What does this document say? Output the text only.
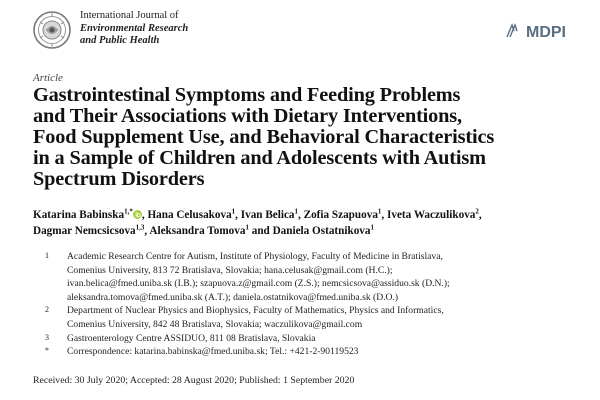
International Journal of
Environmental Research
and Public Health	MDPI
Article
Gastrointestinal Symptoms and Feeding Problems
and Their Associations with Dietary Interventions,
Food Supplement Use, and Behavioral Characteristics
in a Sample of Children and Adolescents with Autism
Spectrum Disorders
Katarina Babinska$^{1,*}$ , Hana Celusakova$^1$, Ivan Belica$^1$, Zofia Szapuova$^1$, Iveta Waczulikova$^2$,
Dagmar Nemcsicsova$^{1,3}$, Aleksandra Tomova$^1$ and Daniela Ostatnikova$^1$
1	Academic Research Centre for Autism, Institute of Physiology, Faculty of Medicine in Bratislava,
Comenius University, 813 72 Bratislava, Slovakia; hana.celusak@gmail.com (H.C.);
ivan.belica@fmed.uniba.sk (I.B.); szapuova.z@gmail.com (Z.S.); nemcsicsova@assiduo.sk (D.N.);
aleksandra.tomova@fmed.uniba.sk (A.T.); daniela.ostatnikova@fmed.uniba.sk (D.O.)
2	Department of Nuclear Physics and Biophysics, Faculty of Mathematics, Physics and Informatics,
Comenius University, 842 48 Bratislava, Slovakia; waczulikova@gmail.com
3	Gastroenterology Centre ASSIDUO, 811 08 Bratislava, Slovakia
*	Correspondence: katarina.babinska@fmed.uniba.sk; Tel.: +421-2-90119523
Received: 30 July 2020; Accepted: 28 August 2020; Published: 1 September 2020
